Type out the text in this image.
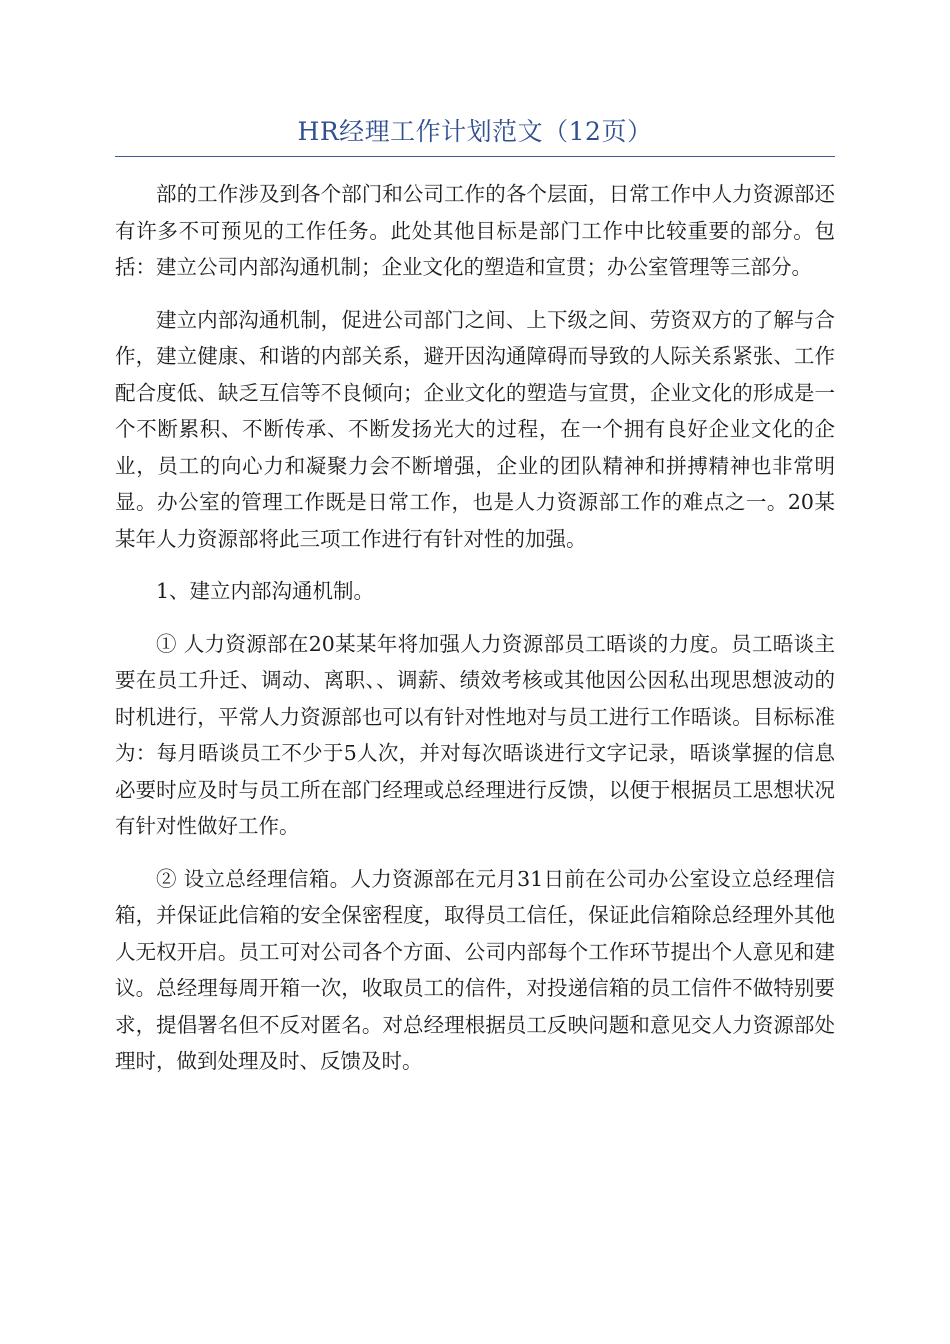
HR经理工作计划范文（12页）

部的工作涉及到各个部门和公司工作的各个层面，日常工作中人力资源部还有许多不可预见的工作任务。此处其他目标是部门工作中比较重要的部分。包括：建立公司内部沟通机制；企业文化的塑造和宣贯；办公室管理等三部分。

建立内部沟通机制，促进公司部门之间、上下级之间、劳资双方的了解与合作，建立健康、和谐的内部关系，避开因沟通障碍而导致的人际关系紧张、工作配合度低、缺乏互信等不良倾向；企业文化的塑造与宣贯，企业文化的形成是一个不断累积、不断传承、不断发扬光大的过程，在一个拥有良好企业文化的企业，员工的向心力和凝聚力会不断增强，企业的团队精神和拼搏精神也非常明显。办公室的管理工作既是日常工作，也是人力资源部工作的难点之一。20某某年人力资源部将此三项工作进行有针对性的加强。

1、建立内部沟通机制。

① 人力资源部在20某某年将加强人力资源部员工晤谈的力度。员工晤谈主要在员工升迁、调动、离职、、调薪、绩效考核或其他因公因私出现思想波动的时机进行，平常人力资源部也可以有针对性地对与员工进行工作晤谈。目标标准为：每月晤谈员工不少于5人次，并对每次晤谈进行文字记录，晤谈掌握的信息必要时应及时与员工所在部门经理或总经理进行反馈，以便于根据员工思想状况有针对性做好工作。

② 设立总经理信箱。人力资源部在元月31日前在公司办公室设立总经理信箱，并保证此信箱的安全保密程度，取得员工信任，保证此信箱除总经理外其他人无权开启。员工可对公司各个方面、公司内部每个工作环节提出个人意见和建议。总经理每周开箱一次，收取员工的信件，对投递信箱的员工信件不做特别要求，提倡署名但不反对匿名。对总经理根据员工反映问题和意见交人力资源部处理时，做到处理及时、反馈及时。
